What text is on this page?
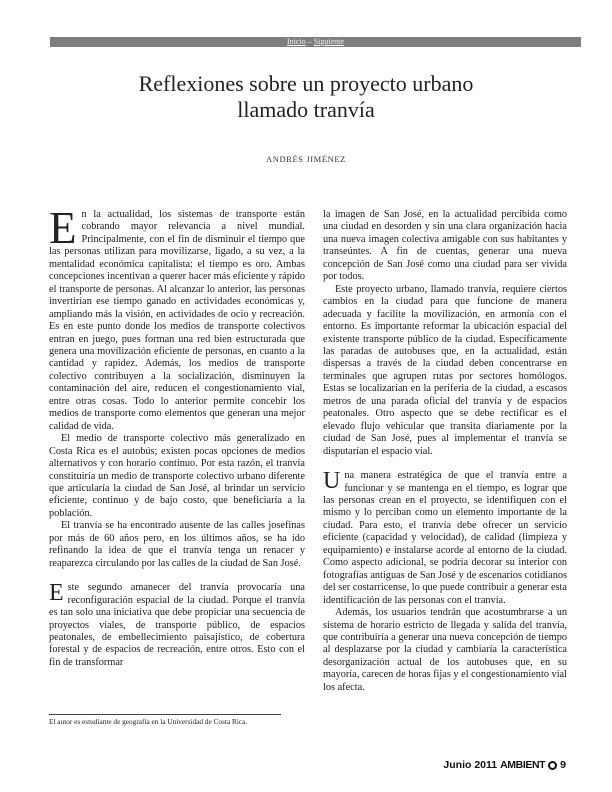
Inicio – Siguiente
Reflexiones sobre un proyecto urbano
llamado tranvía
ANDRÉS JIMÉNEZ

En la actualidad, los sistemas de transporte están cobrando mayor relevancia a nivel mundial. Principalmente, con el fin de disminuir el tiempo que las personas utilizan para movilizarse, ligado, a su vez, a la mentalidad económica capitalista: el tiempo es oro. Ambas concepciones incentivan a querer hacer más eficiente y rápido el transporte de personas. Al alcanzar lo anterior, las personas invertirían ese tiempo ganado en actividades económicas y, ampliando más la visión, en actividades de ocio y recreación. Es en este punto donde los medios de transporte colectivos entran en juego, pues forman una red bien estructurada que genera una movilización eficiente de personas, en cuanto a la cantidad y rapidez. Además, los medios de transporte colectivo contribuyen a la socialización, disminuyen la contaminación del aire, reducen el congestionamiento vial, entre otras cosas. Todo lo anterior permite concebir los medios de transporte como elementos que generan una mejor calidad de vida.

El medio de transporte colectivo más generalizado en Costa Rica es el autobús; existen pocas opciones de medios alternativos y con horario continuo. Por esta razón, el tranvía constituiría un medio de transporte colectivo urbano diferente que articularía la ciudad de San José, al brindar un servicio eficiente, continuo y de bajo costo, que beneficiaría a la población.

El tranvía se ha encontrado ausente de las calles josefinas por más de 60 años pero, en los últimos años, se ha ido refinando la idea de que el tranvía tenga un renacer y reaparezca circulando por las calles de la ciudad de San José.

Este segundo amanecer del tranvía provocaría una reconfiguración espacial de la ciudad. Porque el tranvía es tan solo una iniciativa que debe propiciar una secuencia de proyectos viales, de transporte público, de espacios peatonales, de embellecimiento paisajístico, de cobertura forestal y de espacios de recreación, entre otros. Esto con el fin de transformar

la imagen de San José, en la actualidad percibida como una ciudad en desorden y sin una clara organización hacia una nueva imagen colectiva amigable con sus habitantes y transeúntes. A fin de cuentas, generar una nueva concepción de San José como una ciudad para ser vivida por todos.

Este proyecto urbano, llamado tranvía, requiere ciertos cambios en la ciudad para que funcione de manera adecuada y facilite la movilización, en armonía con el entorno. Es importante reformar la ubicación espacial del existente transporte público de la ciudad. Específicamente las paradas de autobuses que, en la actualidad, están dispersas a través de la ciudad deben concentrarse en terminales que agrupen rutas por sectores homólogos. Estas se localizarían en la periferia de la ciudad, a escasos metros de una parada oficial del tranvía y de espacios peatonales. Otro aspecto que se debe rectificar es el elevado flujo vehicular que transita diariamente por la ciudad de San José, pues al implementar el tranvía se disputarían el espacio vial.

Una manera estratégica de que el tranvía entre a funcionar y se mantenga en el tiempo, es lograr que las personas crean en el proyecto, se identifiquen con el mismo y lo perciban como un elemento importante de la ciudad. Para esto, el tranvía debe ofrecer un servicio eficiente (capacidad y velocidad), de calidad (limpieza y equipamiento) e instalarse acorde al entorno de la ciudad. Como aspecto adicional, se podría decorar su interior con fotografías antiguas de San José y de escenarios cotidianos del ser costarricense, lo que puede contribuir a generar esta identificación de las personas con el tranvía.

Además, los usuarios tendrán que acostumbrarse a un sistema de horario estricto de llegada y salida del tranvía, que contribuiría a generar una nueva concepción de tiempo al desplazarse por la ciudad y cambiaría la característica desorganización actual de los autobuses que, en su mayoría, carecen de horas fijas y el congestionamiento vial los afecta.

El autor es estudiante de geografía en la Universidad de Costa Rica.
Junio 2011 AMBIENT 9
